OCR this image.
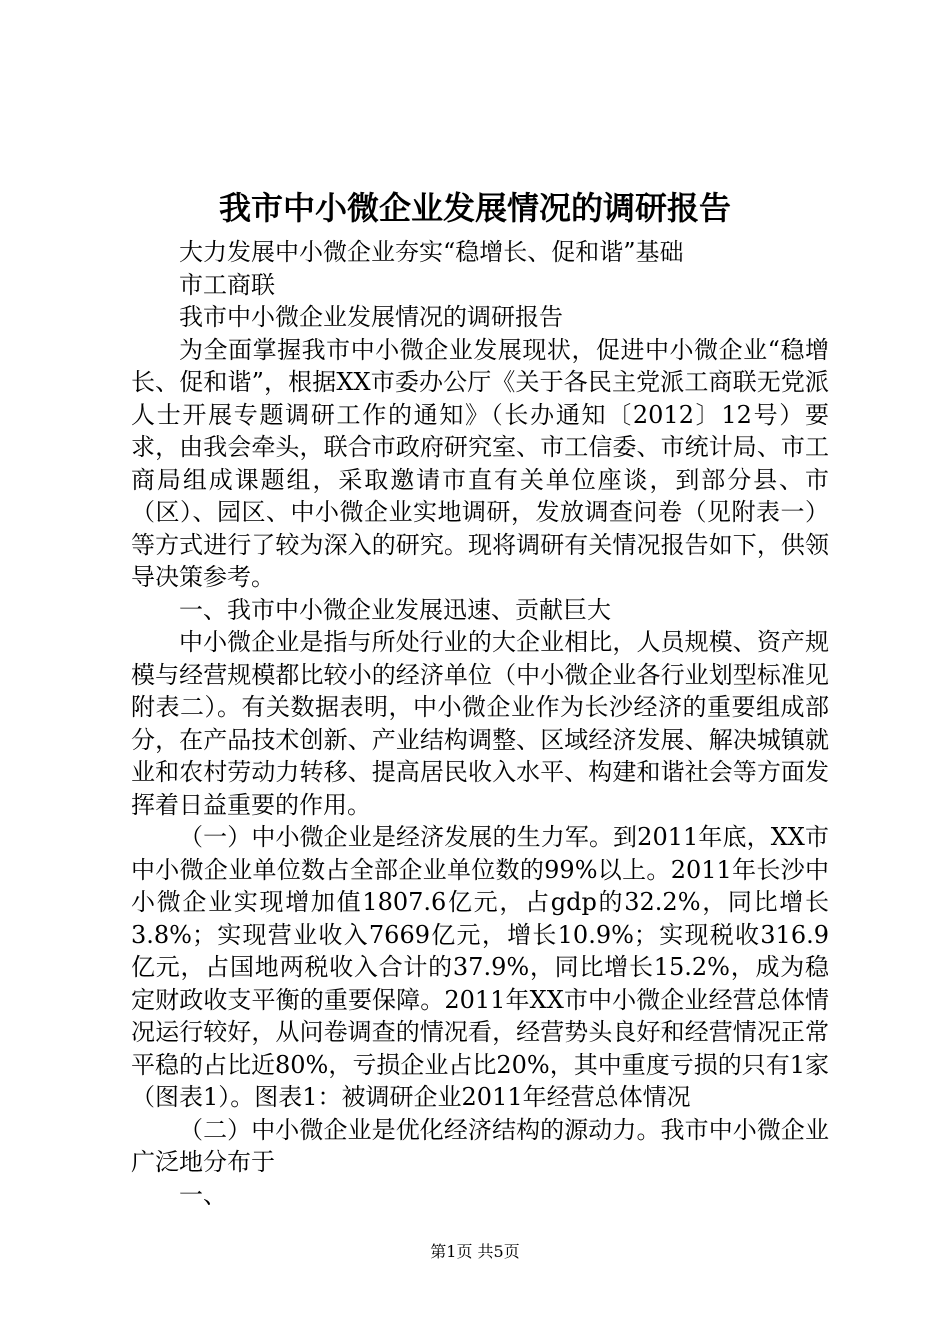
我市中小微企业发展情况的调研报告

大力发展中小微企业夯实“稳增长、促和谐”基础

市工商联

我市中小微企业发展情况的调研报告

为全面掌握我市中小微企业发展现状，促进中小微企业“稳增长、促和谐”，根据XX市委办公厅《关于各民主党派工商联无党派人士开展专题调研工作的通知》（长办通知〔2012〕12号）要求，由我会牵头，联合市政府研究室、市工信委、市统计局、市工商局组成课题组，采取邀请市直有关单位座谈，到部分县、市（区）、园区、中小微企业实地调研，发放调查问卷（见附表一）等方式进行了较为深入的研究。现将调研有关情况报告如下，供领导决策参考。

一、我市中小微企业发展迅速、贡献巨大

中小微企业是指与所处行业的大企业相比，人员规模、资产规模与经营规模都比较小的经济单位（中小微企业各行业划型标准见附表二）。有关数据表明，中小微企业作为长沙经济的重要组成部分，在产品技术创新、产业结构调整、区域经济发展、解决城镇就业和农村劳动力转移、提高居民收入水平、构建和谐社会等方面发挥着日益重要的作用。

（一）中小微企业是经济发展的生力军。到2011年底，XX市中小微企业单位数占全部企业单位数的99%以上。2011年长沙中小微企业实现增加值1807.6亿元，占gdp的32.2%，同比增长3.8%；实现营业收入7669亿元，增长10.9%；实现税收316.9亿元，占国地两税收入合计的37.9%，同比增长15.2%，成为稳定财政收支平衡的重要保障。2011年XX市中小微企业经营总体情况运行较好，从问卷调查的情况看，经营势头良好和经营情况正常平稳的占比近80%，亏损企业占比20%，其中重度亏损的只有1家（图表1）。图表1：被调研企业2011年经营总体情况

（二）中小微企业是优化经济结构的源动力。我市中小微企业广泛地分布于

一、

第1页 共5页
